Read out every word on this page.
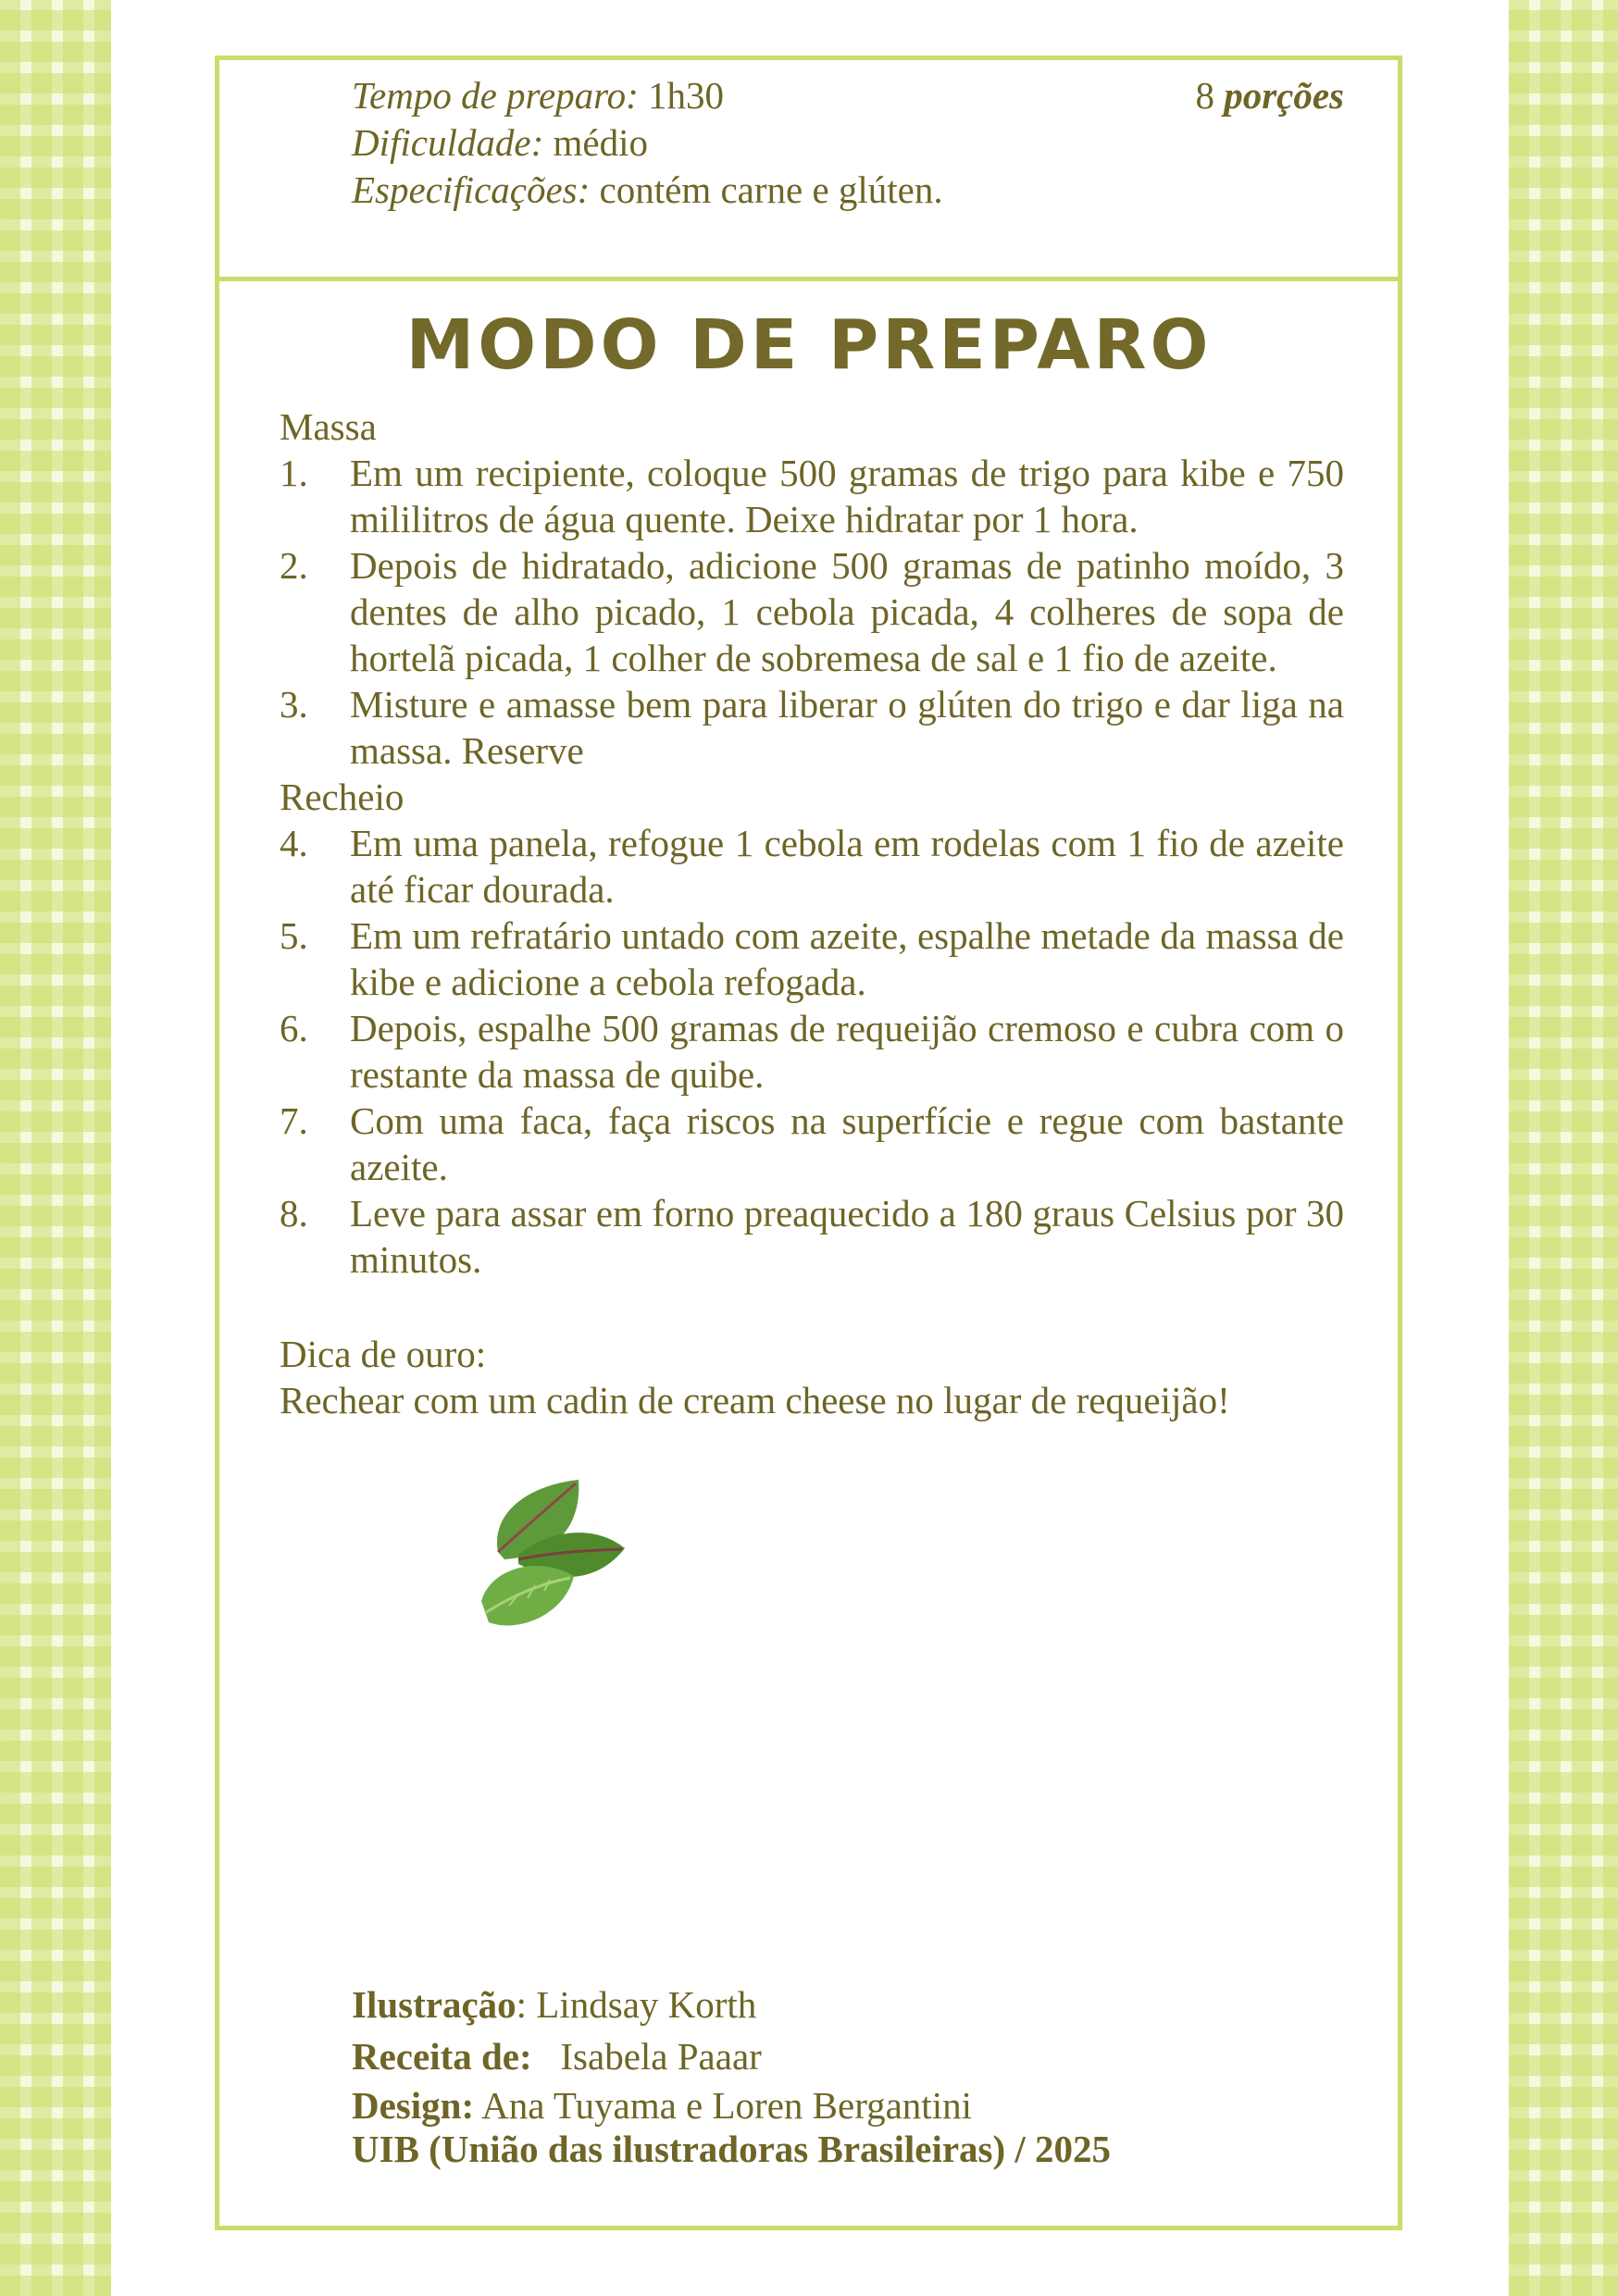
Tempo de preparo: 1h30
Dificuldade: médio
Especificações: contém carne e glúten.
8 porções
MODO DE PREPARO
Massa
1. Em um recipiente, coloque 500 gramas de trigo para kibe e 750 mililitros de água quente. Deixe hidratar por 1 hora.
2. Depois de hidratado, adicione 500 gramas de patinho moído, 3 dentes de alho picado, 1 cebola picada, 4 colheres de sopa de hortelã picada, 1 colher de sobremesa de sal e 1 fio de azeite.
3. Misture e amasse bem para liberar o glúten do trigo e dar liga na massa. Reserve
Recheio
4. Em uma panela, refogue 1 cebola em rodelas com 1 fio de azeite até ficar dourada.
5. Em um refratário untado com azeite, espalhe metade da massa de kibe e adicione a cebola refogada.
6. Depois, espalhe 500 gramas de requeijão cremoso e cubra com o restante da massa de quibe.
7. Com uma faca, faça riscos na superfície e regue com bastante azeite.
8. Leve para assar em forno preaquecido a 180 graus Celsius por 30 minutos.
Dica de ouro:
Rechear com um cadin de cream cheese no lugar de requeijão!
Ilustração: Lindsay Korth
Receita de:   Isabela Paaar
Design: Ana Tuyama e Loren Bergantini
UIB (União das ilustradoras Brasileiras) / 2025
